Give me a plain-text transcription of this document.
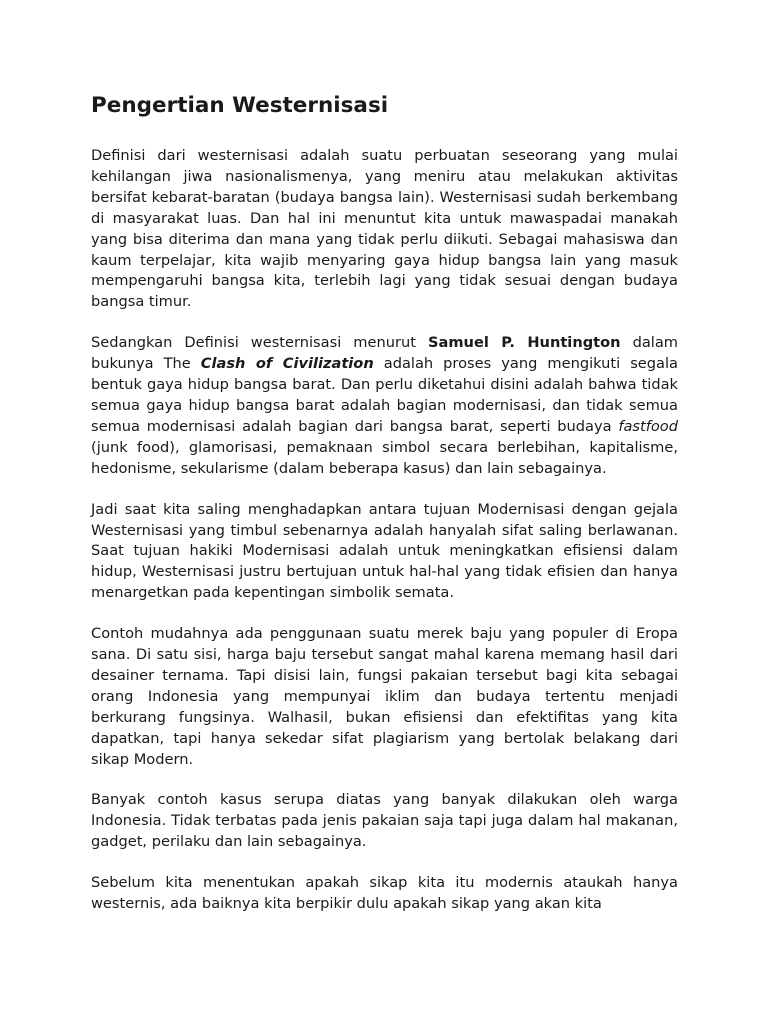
Pengertian Westernisasi

Definisi dari westernisasi adalah suatu perbuatan seseorang yang mulai kehilangan jiwa nasionalismenya, yang meniru atau melakukan aktivitas bersifat kebarat-baratan (budaya bangsa lain). Westernisasi sudah berkembang di masyarakat luas. Dan hal ini menuntut kita untuk mawaspadai manakah yang bisa diterima dan mana yang tidak perlu diikuti. Sebagai mahasiswa dan kaum terpelajar, kita wajib menyaring gaya hidup bangsa lain yang masuk mempengaruhi bangsa kita, terlebih lagi yang tidak sesuai dengan budaya bangsa timur.

Sedangkan Definisi westernisasi menurut Samuel P. Huntington dalam bukunya The Clash of Civilization adalah proses yang mengikuti segala bentuk gaya hidup bangsa barat. Dan perlu diketahui disini adalah bahwa tidak semua gaya hidup bangsa barat adalah bagian modernisasi, dan tidak semua semua modernisasi adalah bagian dari bangsa barat, seperti budaya fastfood (junk food), glamorisasi, pemaknaan simbol secara berlebihan, kapitalisme, hedonisme, sekularisme (dalam beberapa kasus) dan lain sebagainya.

Jadi saat kita saling menghadapkan antara tujuan Modernisasi dengan gejala Westernisasi yang timbul sebenarnya adalah hanyalah sifat saling berlawanan. Saat tujuan hakiki Modernisasi adalah untuk meningkatkan efisiensi dalam hidup, Westernisasi justru bertujuan untuk hal-hal yang tidak efisien dan hanya menargetkan pada kepentingan simbolik semata.

Contoh mudahnya ada penggunaan suatu merek baju yang populer di Eropa sana. Di satu sisi, harga baju tersebut sangat mahal karena memang hasil dari desainer ternama. Tapi disisi lain, fungsi pakaian tersebut bagi kita sebagai orang Indonesia yang mempunyai iklim dan budaya tertentu menjadi berkurang fungsinya. Walhasil, bukan efisiensi dan efektifitas yang kita dapatkan, tapi hanya sekedar sifat plagiarism yang bertolak belakang dari sikap Modern.

Banyak contoh kasus serupa diatas yang banyak dilakukan oleh warga Indonesia. Tidak terbatas pada jenis pakaian saja tapi juga dalam hal makanan, gadget, perilaku dan lain sebagainya.

Sebelum kita menentukan apakah sikap kita itu modernis ataukah hanya westernis, ada baiknya kita berpikir dulu apakah sikap yang akan kita
